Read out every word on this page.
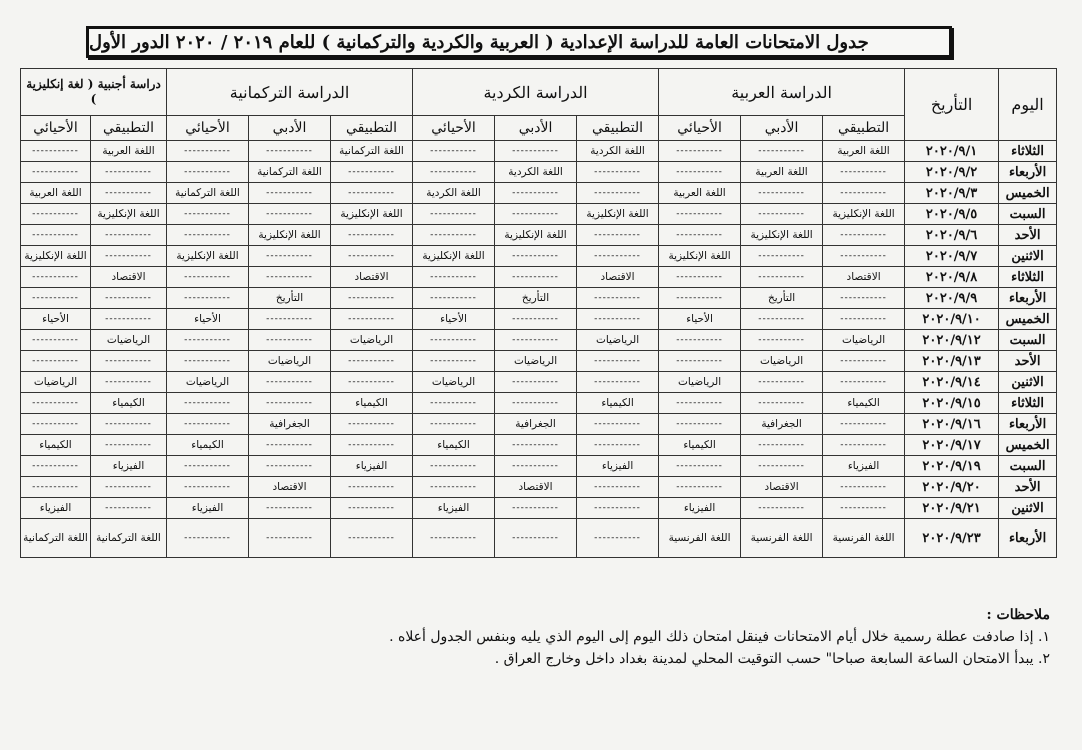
جدول الامتحانات العامة للدراسة الإعدادية ( العربية والكردية والتركمانية ) للعام ٢٠١٩ / ٢٠٢٠ الدور الأول
اليوم	التأريخ	الدراسة العربية			الدراسة الكردية			الدراسة التركمانية			دراسة أجنبية ( لغة إنكليزية )	
		التطبيقي	الأدبي	الأحيائي	التطبيقي	الأدبي	الأحيائي	التطبيقي	الأدبي	الأحيائي	التطبيقي	الأحيائي
الثلاثاء	٢٠٢٠/٩/١	اللغة العربية	-----------	-----------	اللغة الكردية	-----------	-----------	اللغة التركمانية	-----------	-----------	اللغة العربية	-----------
الأربعاء	٢٠٢٠/٩/٢	-----------	اللغة العربية	-----------	-----------	اللغة الكردية	-----------	-----------	اللغة التركمانية	-----------	-----------	-----------
الخميس	٢٠٢٠/٩/٣	-----------	-----------	اللغة العربية	-----------	-----------	اللغة الكردية	-----------	-----------	اللغة التركمانية	-----------	اللغة العربية
السبت	٢٠٢٠/٩/٥	اللغة الإنكليزية	-----------	-----------	اللغة الإنكليزية	-----------	-----------	اللغة الإنكليزية	-----------	-----------	اللغة الإنكليزية	-----------
الأحد	٢٠٢٠/٩/٦	-----------	اللغة الإنكليزية	-----------	-----------	اللغة الإنكليزية	-----------	-----------	اللغة الإنكليزية	-----------	-----------	-----------
الاثنين	٢٠٢٠/٩/٧	-----------	-----------	اللغة الإنكليزية	-----------	-----------	اللغة الإنكليزية	-----------	-----------	اللغة الإنكليزية	-----------	اللغة الإنكليزية
الثلاثاء	٢٠٢٠/٩/٨	الاقتصاد	-----------	-----------	الاقتصاد	-----------	-----------	الاقتصاد	-----------	-----------	الاقتصاد	-----------
الأربعاء	٢٠٢٠/٩/٩	-----------	التأريخ	-----------	-----------	التأريخ	-----------	-----------	التأريخ	-----------	-----------	-----------
الخميس	٢٠٢٠/٩/١٠	-----------	-----------	الأحياء	-----------	-----------	الأحياء	-----------	-----------	الأحياء	-----------	الأحياء
السبت	٢٠٢٠/٩/١٢	الرياضيات	-----------	-----------	الرياضيات	-----------	-----------	الرياضيات	-----------	-----------	الرياضيات	-----------
الأحد	٢٠٢٠/٩/١٣	-----------	الرياضيات	-----------	-----------	الرياضيات	-----------	-----------	الرياضيات	-----------	-----------	-----------
الاثنين	٢٠٢٠/٩/١٤	-----------	-----------	الرياضيات	-----------	-----------	الرياضيات	-----------	-----------	الرياضيات	-----------	الرياضيات
الثلاثاء	٢٠٢٠/٩/١٥	الكيمياء	-----------	-----------	الكيمياء	-----------	-----------	الكيمياء	-----------	-----------	الكيمياء	-----------
الأربعاء	٢٠٢٠/٩/١٦	-----------	الجغرافية	-----------	-----------	الجغرافية	-----------	-----------	الجغرافية	-----------	-----------	-----------
الخميس	٢٠٢٠/٩/١٧	-----------	-----------	الكيمياء	-----------	-----------	الكيمياء	-----------	-----------	الكيمياء	-----------	الكيمياء
السبت	٢٠٢٠/٩/١٩	الفيزياء	-----------	-----------	الفيزياء	-----------	-----------	الفيزياء	-----------	-----------	الفيزياء	-----------
الأحد	٢٠٢٠/٩/٢٠	-----------	الاقتصاد	-----------	-----------	الاقتصاد	-----------	-----------	الاقتصاد	-----------	-----------	-----------
الاثنين	٢٠٢٠/٩/٢١	-----------	-----------	الفيزياء	-----------	-----------	الفيزياء	-----------	-----------	الفيزياء	-----------	الفيزياء
الأربعاء	٢٠٢٠/٩/٢٣	اللغة الفرنسية	اللغة الفرنسية	اللغة الفرنسية	-----------	-----------	-----------	-----------	-----------	-----------	اللغة التركمانية	اللغة التركمانية
ملاحظات :
١. إذا صادفت عطلة رسمية خلال أيام الامتحانات فينقل امتحان ذلك اليوم إلى اليوم الذي يليه وبنفس الجدول أعلاه .
٢. يبدأ الامتحان الساعة السابعة صباحا" حسب التوقيت المحلي لمدينة بغداد داخل وخارج العراق .
